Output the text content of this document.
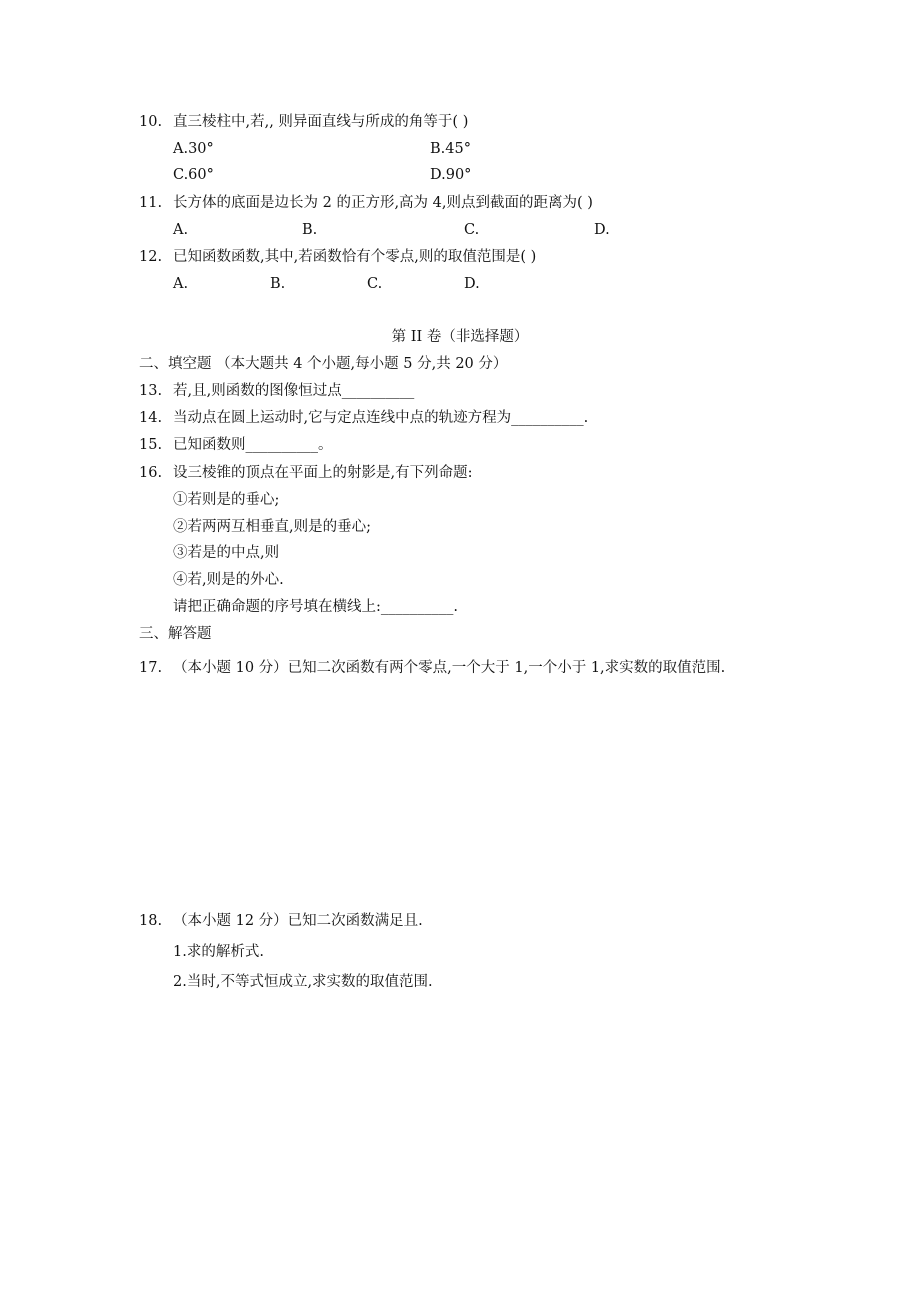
10. 直三棱柱中,若,, 则异面直线与所成的角等于( )
A.30°	B.45°
C.60°	D.90°
11. 长方体的底面是边长为 2 的正方形,高为 4,则点到截面的距离为( )
A.	B.	C.	D.
12. 已知函数函数,其中,若函数恰有个零点,则的取值范围是( )
A.	B.	C.	D.
第 II 卷（非选择题）
二、填空题 （本大题共 4 个小题,每小题 5 分,共 20 分）
13. 若,且,则函数的图像恒过点__________
14. 当动点在圆上运动时,它与定点连线中点的轨迹方程为__________.
15. 已知函数则__________。
16. 设三棱锥的顶点在平面上的射影是,有下列命题:
①若则是的垂心;
②若两两互相垂直,则是的垂心;
③若是的中点,则
④若,则是的外心.
请把正确命题的序号填在横线上:__________.
三、解答题
17. （本小题 10 分）已知二次函数有两个零点,一个大于 1,一个小于 1,求实数的取值范围.
18. （本小题 12 分）已知二次函数满足且.
1.求的解析式.
2.当时,不等式恒成立,求实数的取值范围.
